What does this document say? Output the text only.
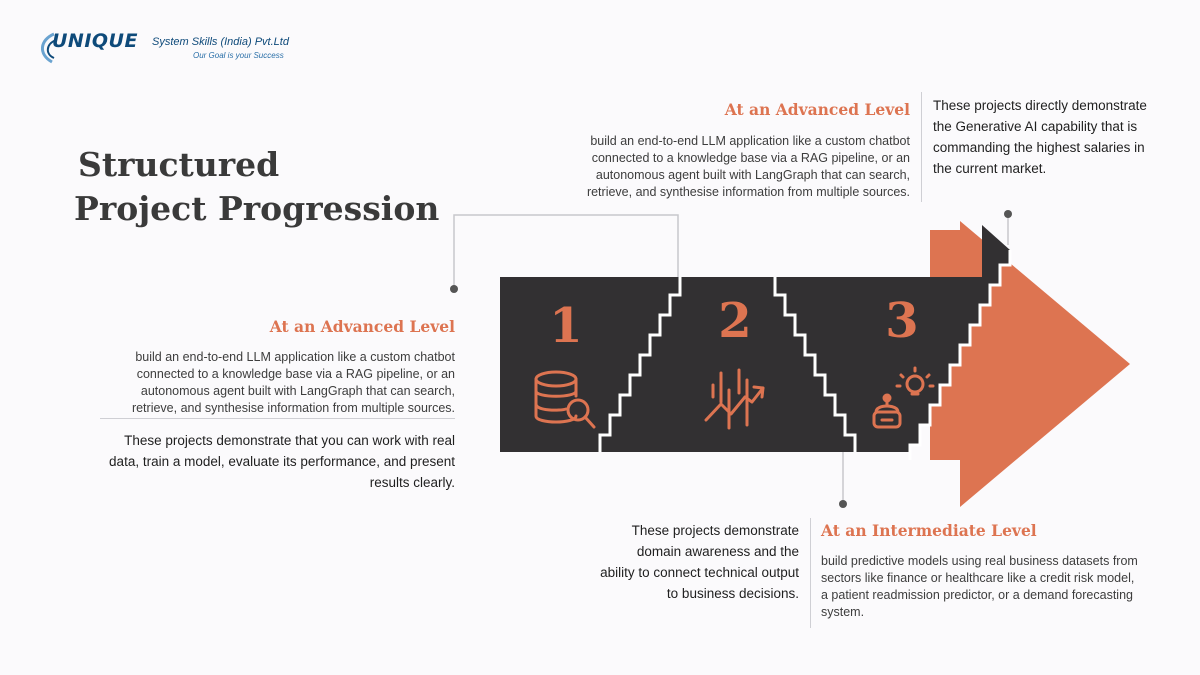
1	2	3
UNIQUE System Skills (India) Pvt.Ltd
Our Goal is your Success
Structured
Project Progression
At an Advanced Level

build an end-to-end LLM application like a custom chatbot connected to a knowledge base via a RAG pipeline, or an autonomous agent built with LangGraph that can search, retrieve, and synthesise information from multiple sources.

These projects demonstrate that you can work with real data, train a model, evaluate its performance, and present results clearly.

At an Advanced Level

build an end-to-end LLM application like a custom chatbot connected to a knowledge base via a RAG pipeline, or an autonomous agent built with LangGraph that can search, retrieve, and synthesise information from multiple sources.

These projects directly demonstrate the Generative AI capability that is commanding the highest salaries in the current market.

These projects demonstrate domain awareness and the ability to connect technical output to business decisions.

At an Intermediate Level

build predictive models using real business datasets from sectors like finance or healthcare like a credit risk model, a patient readmission predictor, or a demand forecasting system.
